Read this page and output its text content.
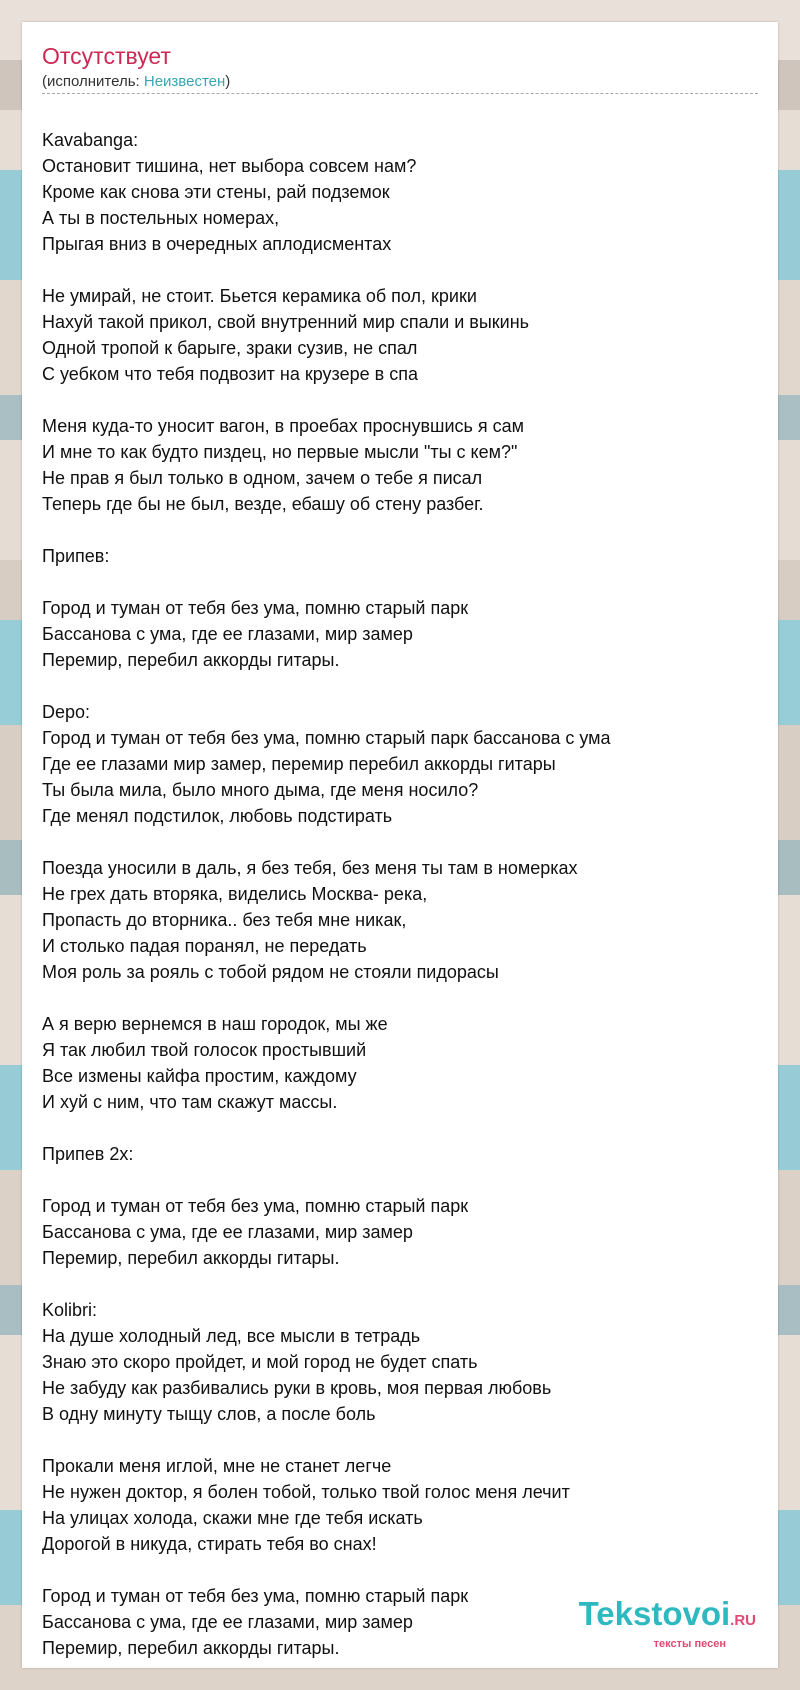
Отсутствует
(исполнитель: Неизвестен)
Kavabanga:
Остановит тишина, нет выбора совсем нам?
Кроме как снова эти стены, рай подземок
А ты в постельных номерах,
Прыгая вниз в очередных аплодисментах
Не умирай, не стоит. Бьется керамика об пол, крики
Нахуй такой прикол, свой внутренний мир спали и выкинь
Одной тропой к барыге, зраки сузив, не спал
С уебком что тебя подвозит на крузере в спа
Меня куда-то уносит вагон, в проебах проснувшись я сам
И мне то как будто пиздец, но первые мысли "ты с кем?"
Не прав я был только в одном, зачем о тебе я писал
Теперь где бы не был, везде, ебашу об стену разбег.
Припев:
Город и туман от тебя без ума, помню старый парк
Бассанова с ума, где ее глазами, мир замер
Перемир, перебил аккорды гитары.
Depo:
Город и туман от тебя без ума, помню старый парк бассанова с ума
Где ее глазами мир замер, перемир перебил аккорды гитары
Ты была мила, было много дыма, где меня носило?
Где менял подстилок, любовь подстирать
Поезда уносили в даль, я без тебя, без меня ты там в номерках
Не грех дать вторяка, виделись Москва- река,
Пропасть до вторника.. без тебя мне никак,
И столько падая поранял, не передать
Моя роль за рояль с тобой рядом не стояли пидорасы
А я верю вернемся в наш городок, мы же
Я так любил твой голосок простывший
Все измены кайфа простим, каждому
И хуй с ним, что там скажут массы.
Припев 2x:
Город и туман от тебя без ума, помню старый парк
Бассанова с ума, где ее глазами, мир замер
Перемир, перебил аккорды гитары.
Kolibri:
На душе холодный лед, все мысли в тетрадь
Знаю это скоро пройдет, и мой город не будет спать
Не забуду как разбивались руки в кровь, моя первая любовь
В одну минуту тыщу слов, а после боль
Прокали меня иглой, мне не станет легче
Не нужен доктор, я болен тобой, только твой голос меня лечит
На улицах холода, скажи мне где тебя искать
Дорогой в никуда, стирать тебя во снах!
Город и туман от тебя без ума, помню старый парк
Бассанова с ума, где ее глазами, мир замер
Перемир, перебил аккорды гитары.
Tekstovoi.RU
тексты песен
